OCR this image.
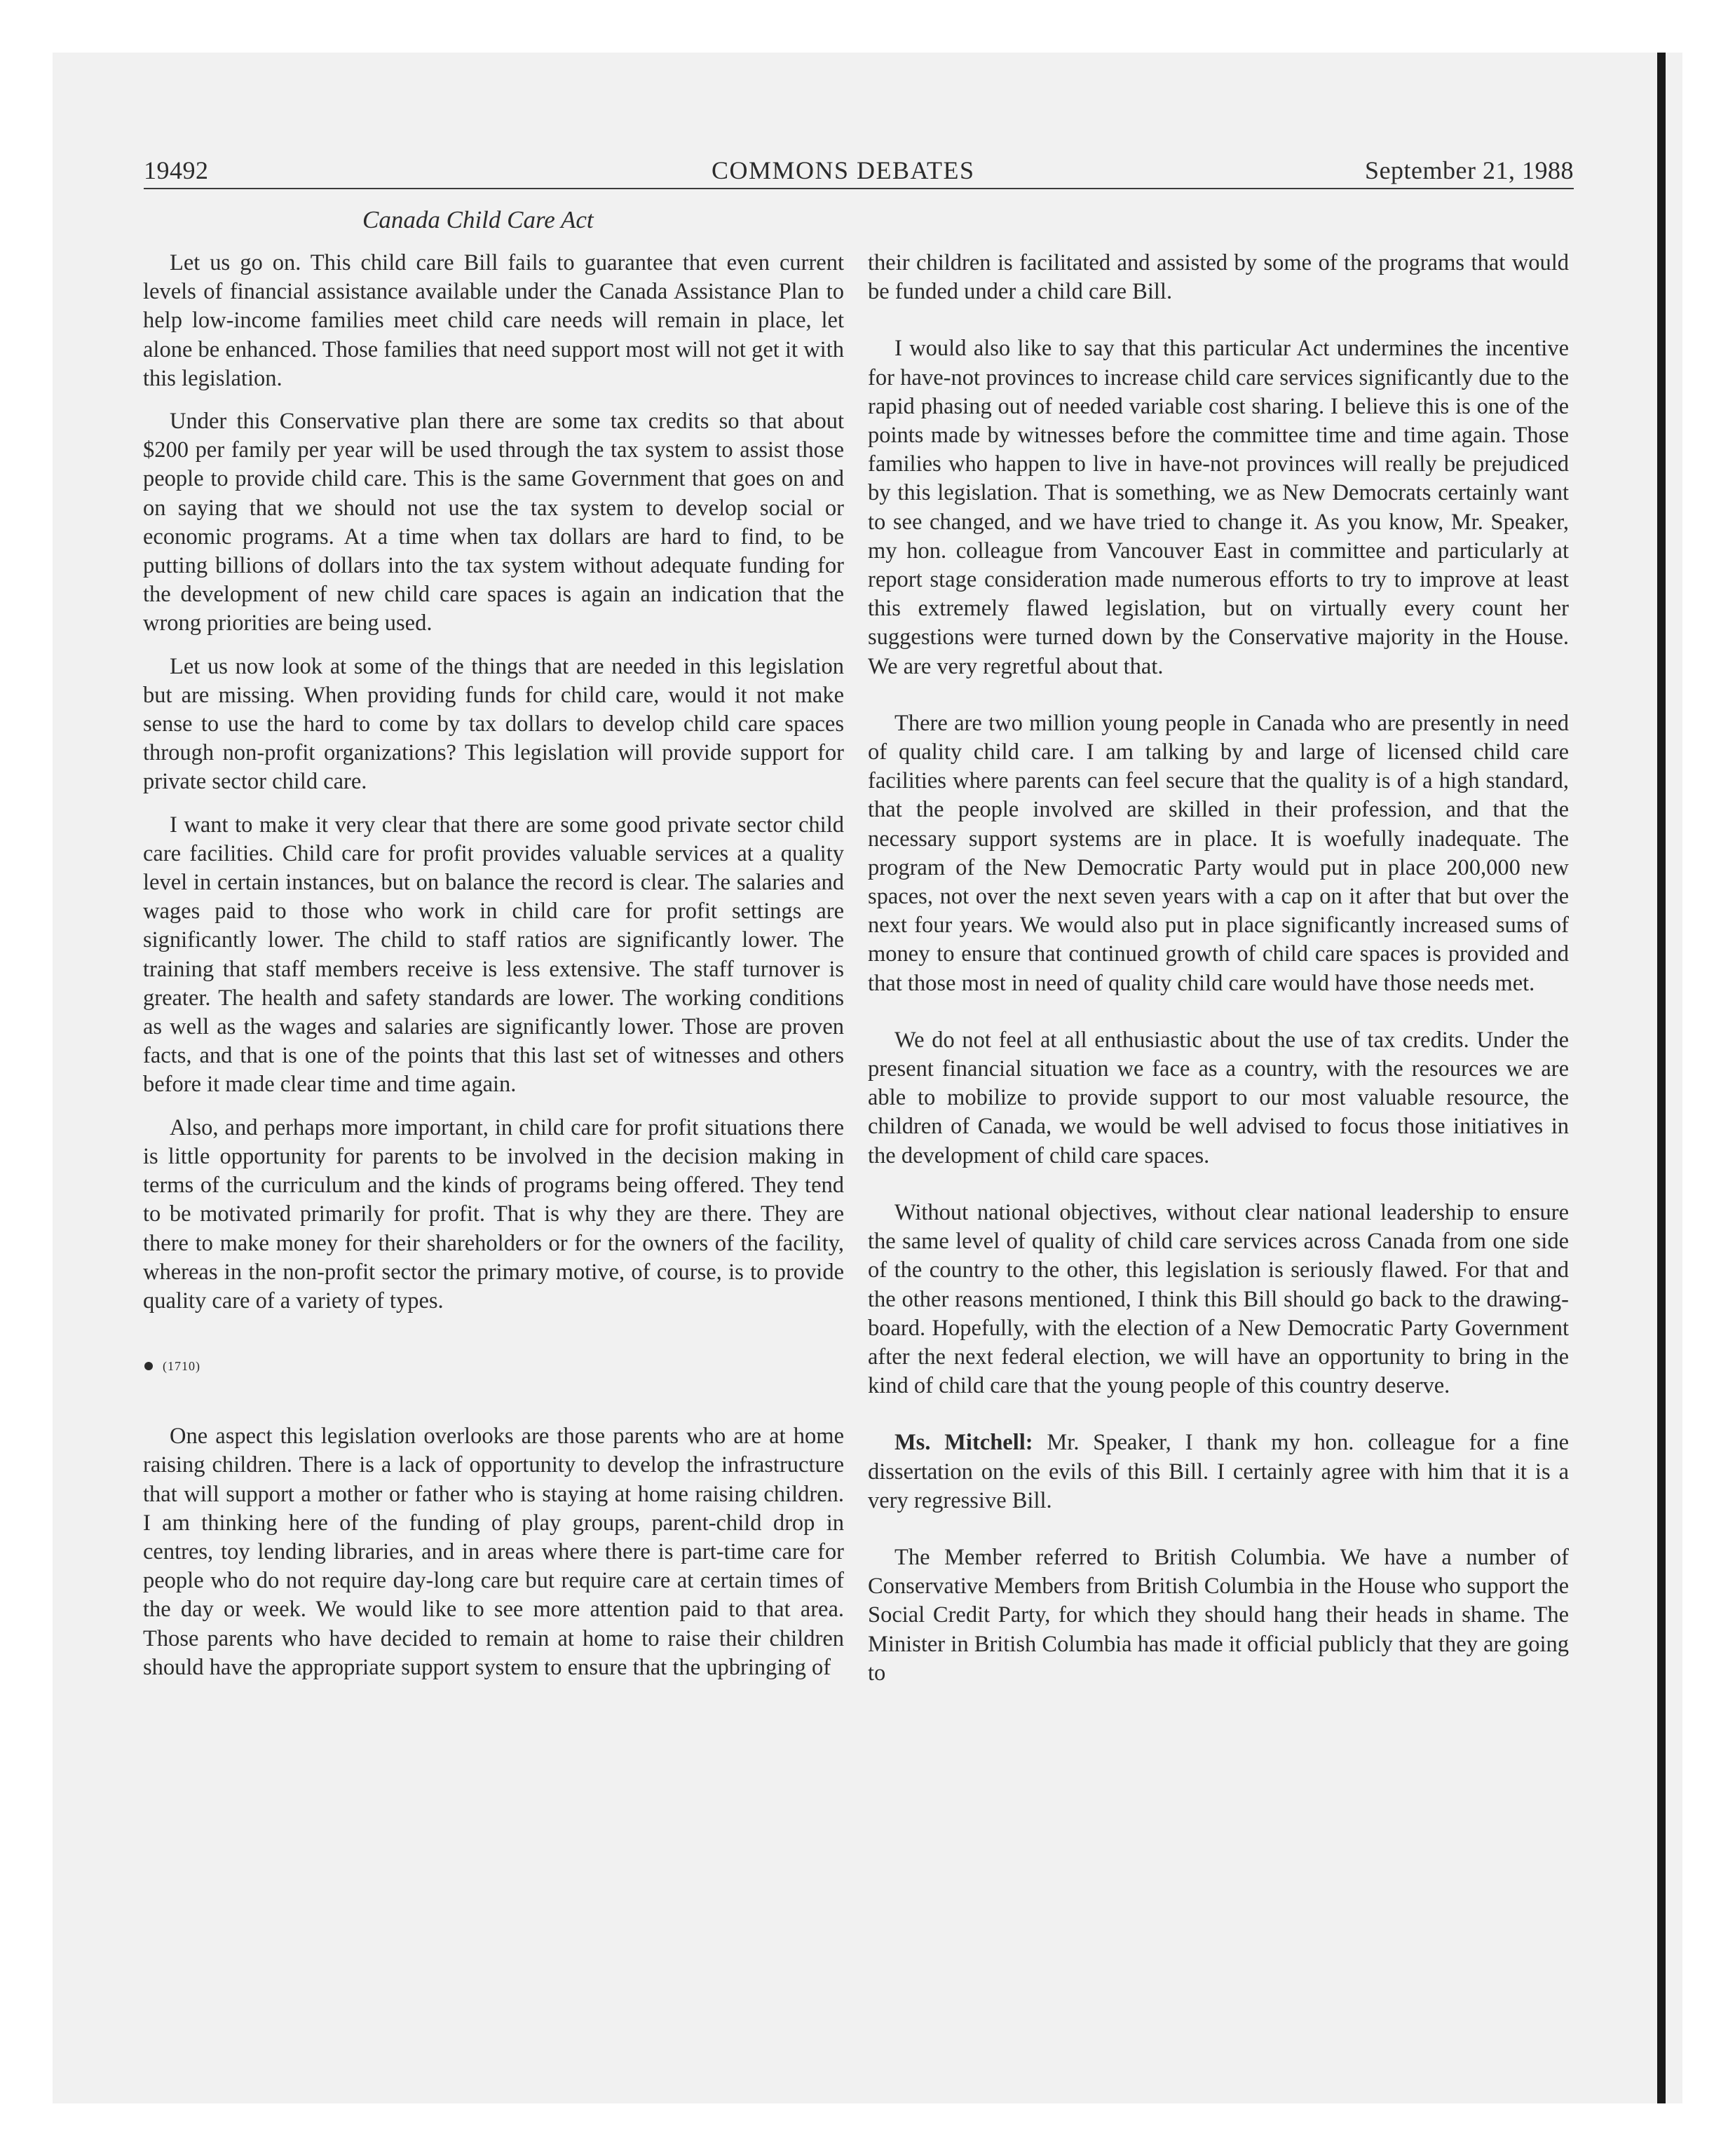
19492	COMMONS DEBATES	September 21, 1988
Canada Child Care Act

Let us go on. This child care Bill fails to guarantee that even current levels of financial assistance available under the Canada Assistance Plan to help low-income families meet child care needs will remain in place, let alone be enhanced. Those families that need support most will not get it with this legislation.

Under this Conservative plan there are some tax credits so that about $200 per family per year will be used through the tax system to assist those people to provide child care. This is the same Government that goes on and on saying that we should not use the tax system to develop social or economic programs. At a time when tax dollars are hard to find, to be putting billions of dollars into the tax system without adequate funding for the development of new child care spaces is again an indication that the wrong priorities are being used.

Let us now look at some of the things that are needed in this legislation but are missing. When providing funds for child care, would it not make sense to use the hard to come by tax dollars to develop child care spaces through non-profit organizations? This legislation will provide support for private sector child care.

I want to make it very clear that there are some good private sector child care facilities. Child care for profit provides valuable services at a quality level in certain instances, but on balance the record is clear. The salaries and wages paid to those who work in child care for profit settings are significantly lower. The child to staff ratios are significantly lower. The training that staff members receive is less extensive. The staff turnover is greater. The health and safety standards are lower. The working conditions as well as the wages and salaries are significantly lower. Those are proven facts, and that is one of the points that this last set of witnesses and others before it made clear time and time again.

Also, and perhaps more important, in child care for profit situations there is little opportunity for parents to be involved in the decision making in terms of the curriculum and the kinds of programs being offered. They tend to be motivated primarily for profit. That is why they are there. They are there to make money for their shareholders or for the owners of the facility, whereas in the non-profit sector the primary motive, of course, is to provide quality care of a variety of types.

(1710)

One aspect this legislation overlooks are those parents who are at home raising children. There is a lack of opportunity to develop the infrastructure that will support a mother or father who is staying at home raising children. I am thinking here of the funding of play groups, parent-child drop in centres, toy lending libraries, and in areas where there is part-time care for people who do not require day-long care but require care at certain times of the day or week. We would like to see more attention paid to that area. Those parents who have decided to remain at home to raise their children should have the appropriate support system to ensure that the upbringing of

their children is facilitated and assisted by some of the programs that would be funded under a child care Bill.

I would also like to say that this particular Act undermines the incentive for have-not provinces to increase child care services significantly due to the rapid phasing out of needed variable cost sharing. I believe this is one of the points made by witnesses before the committee time and time again. Those families who happen to live in have-not provinces will really be prejudiced by this legislation. That is something, we as New Democrats certainly want to see changed, and we have tried to change it. As you know, Mr. Speaker, my hon. colleague from Vancouver East in committee and particularly at report stage consideration made numerous efforts to try to improve at least this extremely flawed legislation, but on virtually every count her suggestions were turned down by the Conservative majority in the House. We are very regretful about that.

There are two million young people in Canada who are presently in need of quality child care. I am talking by and large of licensed child care facilities where parents can feel secure that the quality is of a high standard, that the people involved are skilled in their profession, and that the necessary support systems are in place. It is woefully inadequate. The program of the New Democratic Party would put in place 200,000 new spaces, not over the next seven years with a cap on it after that but over the next four years. We would also put in place significantly increased sums of money to ensure that continued growth of child care spaces is provided and that those most in need of quality child care would have those needs met.

We do not feel at all enthusiastic about the use of tax credits. Under the present financial situation we face as a country, with the resources we are able to mobilize to provide support to our most valuable resource, the children of Canada, we would be well advised to focus those initiatives in the development of child care spaces.

Without national objectives, without clear national leadership to ensure the same level of quality of child care services across Canada from one side of the country to the other, this legislation is seriously flawed. For that and the other reasons mentioned, I think this Bill should go back to the drawing-board. Hopefully, with the election of a New Democratic Party Government after the next federal election, we will have an opportunity to bring in the kind of child care that the young people of this country deserve.

Ms. Mitchell: Mr. Speaker, I thank my hon. colleague for a fine dissertation on the evils of this Bill. I certainly agree with him that it is a very regressive Bill.

The Member referred to British Columbia. We have a number of Conservative Members from British Columbia in the House who support the Social Credit Party, for which they should hang their heads in shame. The Minister in British Columbia has made it official publicly that they are going to
